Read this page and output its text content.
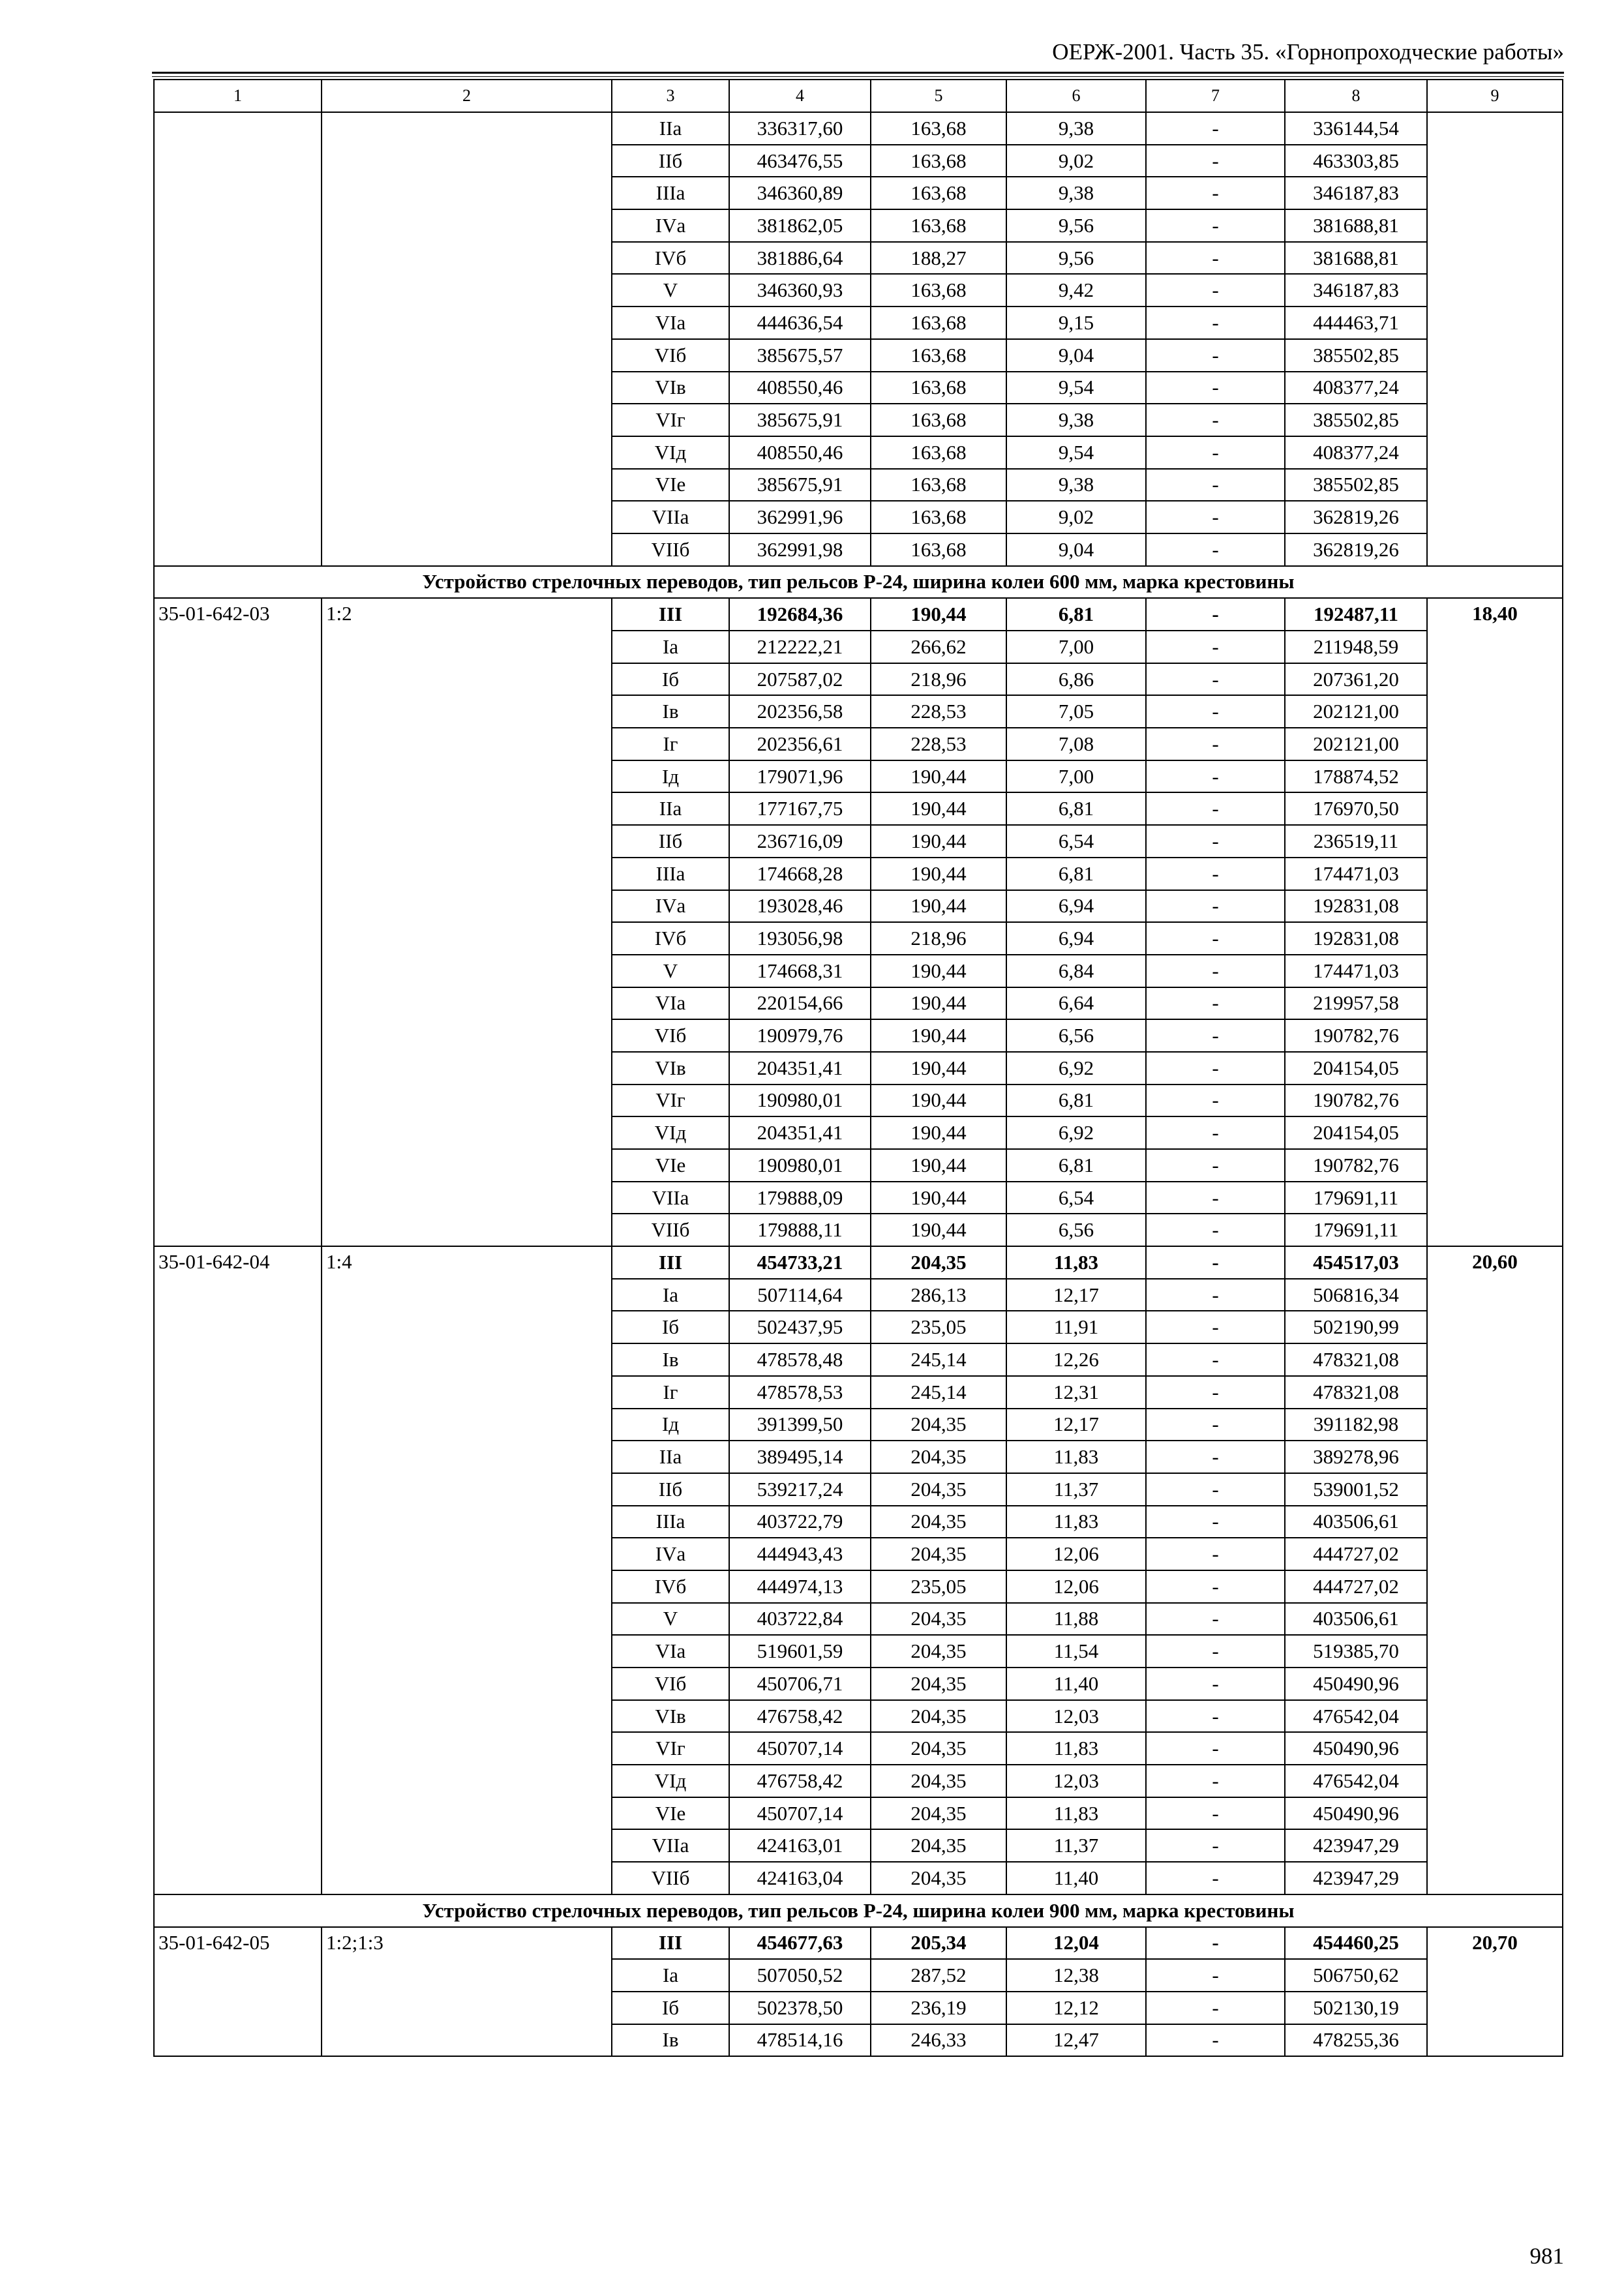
ОЕРЖ-2001. Часть 35. «Горнопроходческие работы»
1	2	3	4	5	6	7	8	9
		IIа	336317,60	163,68	9,38	-	336144,54	
		IIб	463476,55	163,68	9,02	-	463303,85	
		IIIа	346360,89	163,68	9,38	-	346187,83	
		IVа	381862,05	163,68	9,56	-	381688,81	
		IVб	381886,64	188,27	9,56	-	381688,81	
		V	346360,93	163,68	9,42	-	346187,83	
		VIа	444636,54	163,68	9,15	-	444463,71	
		VIб	385675,57	163,68	9,04	-	385502,85	
		VIв	408550,46	163,68	9,54	-	408377,24	
		VIг	385675,91	163,68	9,38	-	385502,85	
		VIд	408550,46	163,68	9,54	-	408377,24	
		VIе	385675,91	163,68	9,38	-	385502,85	
		VIIа	362991,96	163,68	9,02	-	362819,26	
		VIIб	362991,98	163,68	9,04	-	362819,26	
Устройство стрелочных переводов, тип рельсов Р-24, ширина колеи 600 мм, марка крестовины								
35-01-642-03	1:2	III	192684,36	190,44	6,81	-	192487,11	18,40
		Iа	212222,21	266,62	7,00	-	211948,59	
		Iб	207587,02	218,96	6,86	-	207361,20	
		Iв	202356,58	228,53	7,05	-	202121,00	
		Iг	202356,61	228,53	7,08	-	202121,00	
		Iд	179071,96	190,44	7,00	-	178874,52	
		IIа	177167,75	190,44	6,81	-	176970,50	
		IIб	236716,09	190,44	6,54	-	236519,11	
		IIIа	174668,28	190,44	6,81	-	174471,03	
		IVа	193028,46	190,44	6,94	-	192831,08	
		IVб	193056,98	218,96	6,94	-	192831,08	
		V	174668,31	190,44	6,84	-	174471,03	
		VIа	220154,66	190,44	6,64	-	219957,58	
		VIб	190979,76	190,44	6,56	-	190782,76	
		VIв	204351,41	190,44	6,92	-	204154,05	
		VIг	190980,01	190,44	6,81	-	190782,76	
		VIд	204351,41	190,44	6,92	-	204154,05	
		VIе	190980,01	190,44	6,81	-	190782,76	
		VIIа	179888,09	190,44	6,54	-	179691,11	
		VIIб	179888,11	190,44	6,56	-	179691,11	
35-01-642-04	1:4	III	454733,21	204,35	11,83	-	454517,03	20,60
		Iа	507114,64	286,13	12,17	-	506816,34	
		Iб	502437,95	235,05	11,91	-	502190,99	
		Iв	478578,48	245,14	12,26	-	478321,08	
		Iг	478578,53	245,14	12,31	-	478321,08	
		Iд	391399,50	204,35	12,17	-	391182,98	
		IIа	389495,14	204,35	11,83	-	389278,96	
		IIб	539217,24	204,35	11,37	-	539001,52	
		IIIа	403722,79	204,35	11,83	-	403506,61	
		IVа	444943,43	204,35	12,06	-	444727,02	
		IVб	444974,13	235,05	12,06	-	444727,02	
		V	403722,84	204,35	11,88	-	403506,61	
		VIа	519601,59	204,35	11,54	-	519385,70	
		VIб	450706,71	204,35	11,40	-	450490,96	
		VIв	476758,42	204,35	12,03	-	476542,04	
		VIг	450707,14	204,35	11,83	-	450490,96	
		VIд	476758,42	204,35	12,03	-	476542,04	
		VIе	450707,14	204,35	11,83	-	450490,96	
		VIIа	424163,01	204,35	11,37	-	423947,29	
		VIIб	424163,04	204,35	11,40	-	423947,29	
Устройство стрелочных переводов, тип рельсов Р-24, ширина колеи 900 мм, марка крестовины								
35-01-642-05	1:2;1:3	III	454677,63	205,34	12,04	-	454460,25	20,70
		Iа	507050,52	287,52	12,38	-	506750,62	
		Iб	502378,50	236,19	12,12	-	502130,19	
		Iв	478514,16	246,33	12,47	-	478255,36	
981
